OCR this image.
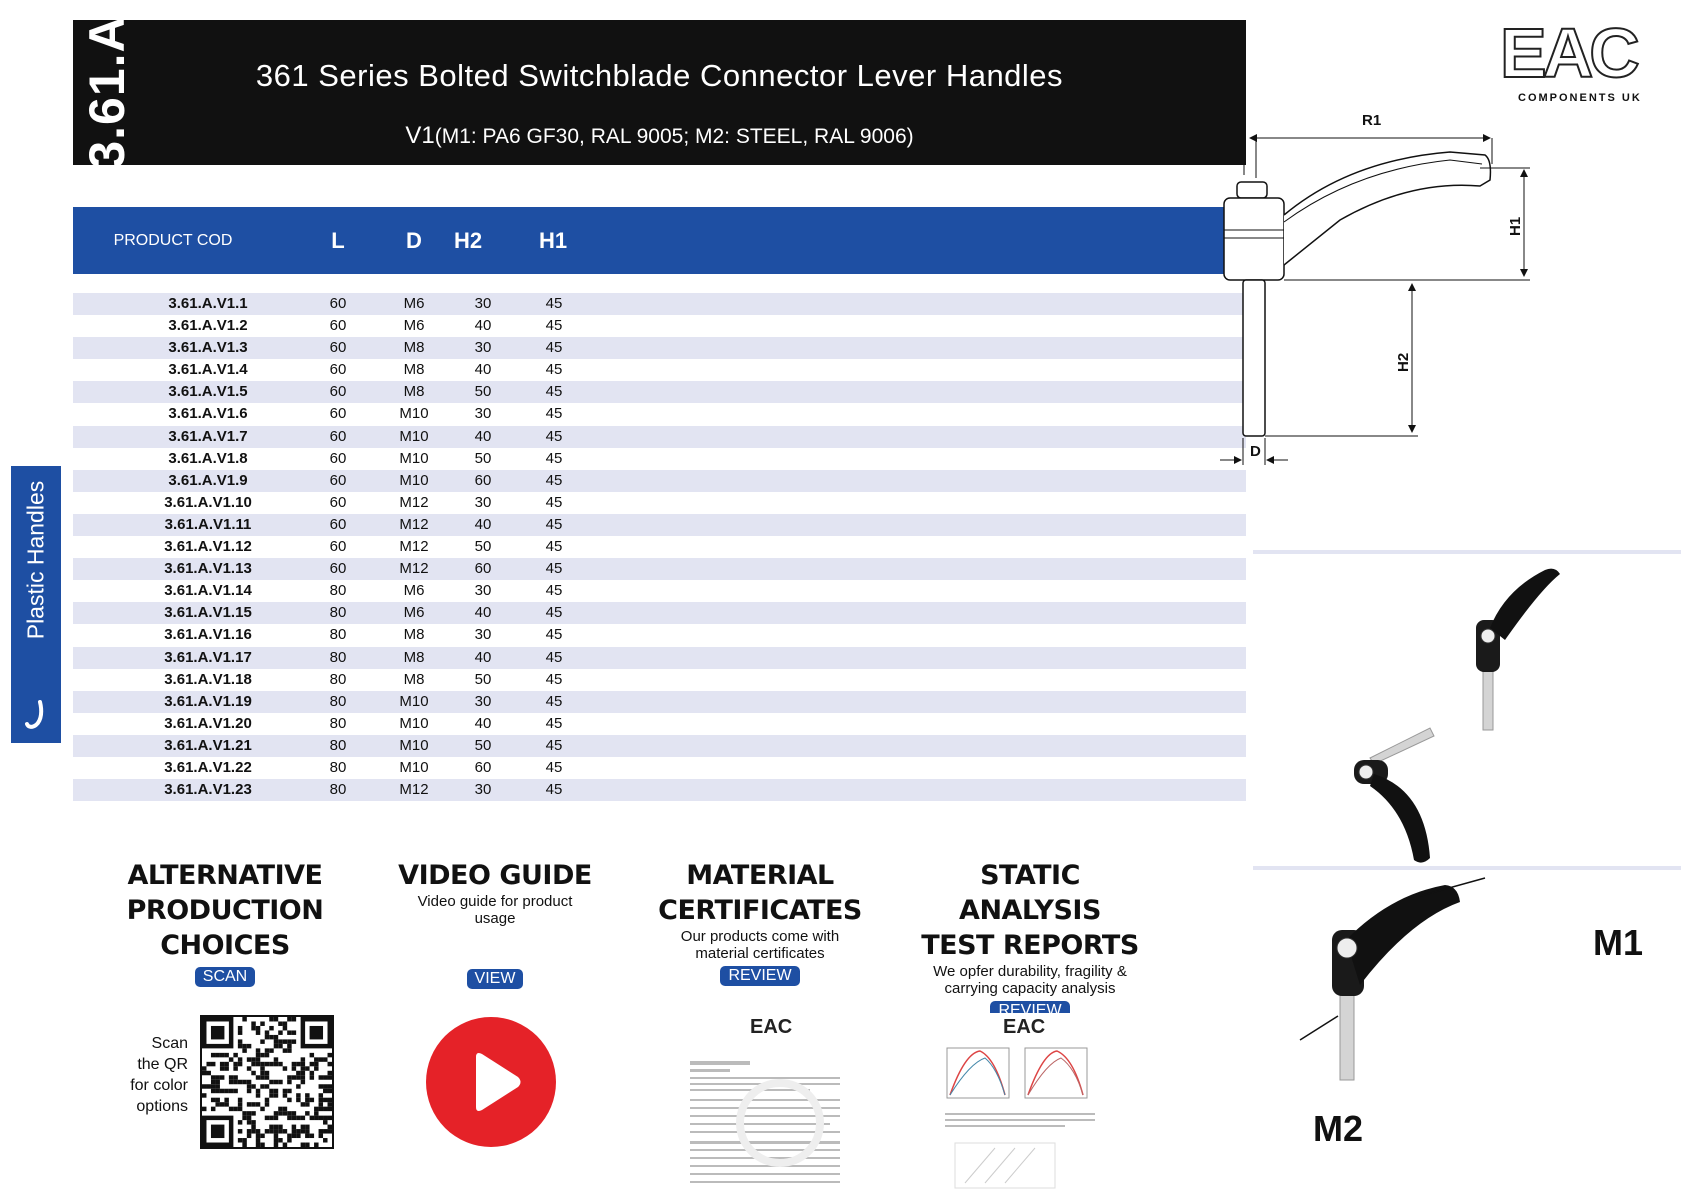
3.61.A	361 Series Bolted Switchblade Connector Lever Handles
V1(M1: PA6 GF30, RAL 9005; M2: STEEL, RAL 9006)
EAC
COMPONENTS UK
Plastic Handles
PRODUCT COD	L	D	H2	H1
3.61.A.V1.1	60	M6	30	45
3.61.A.V1.2	60	M6	40	45
3.61.A.V1.3	60	M8	30	45
3.61.A.V1.4	60	M8	40	45
3.61.A.V1.5	60	M8	50	45
3.61.A.V1.6	60	M10	30	45
3.61.A.V1.7	60	M10	40	45
3.61.A.V1.8	60	M10	50	45
3.61.A.V1.9	60	M10	60	45
3.61.A.V1.10	60	M12	30	45
3.61.A.V1.11	60	M12	40	45
3.61.A.V1.12	60	M12	50	45
3.61.A.V1.13	60	M12	60	45
3.61.A.V1.14	80	M6	30	45
3.61.A.V1.15	80	M6	40	45
3.61.A.V1.16	80	M8	30	45
3.61.A.V1.17	80	M8	40	45
3.61.A.V1.18	80	M8	50	45
3.61.A.V1.19	80	M10	30	45
3.61.A.V1.20	80	M10	40	45
3.61.A.V1.21	80	M10	50	45
3.61.A.V1.22	80	M10	60	45
3.61.A.V1.23	80	M12	30	45
ALTERNATIVE
PRODUCTION
CHOICES
SCAN
Scan
the QR
for color
options
VIDEO GUIDE

Video guide for product

usage

VIEW
MATERIAL
CERTIFICATES

Our products come with

material certificates

REVIEW
EAC
STATIC ANALYSIS
TEST REPORTS

We opfer durability, fragility &

carrying capacity analysis

REVIEW
EAC
R1
D
H1
H2
M1
M2
